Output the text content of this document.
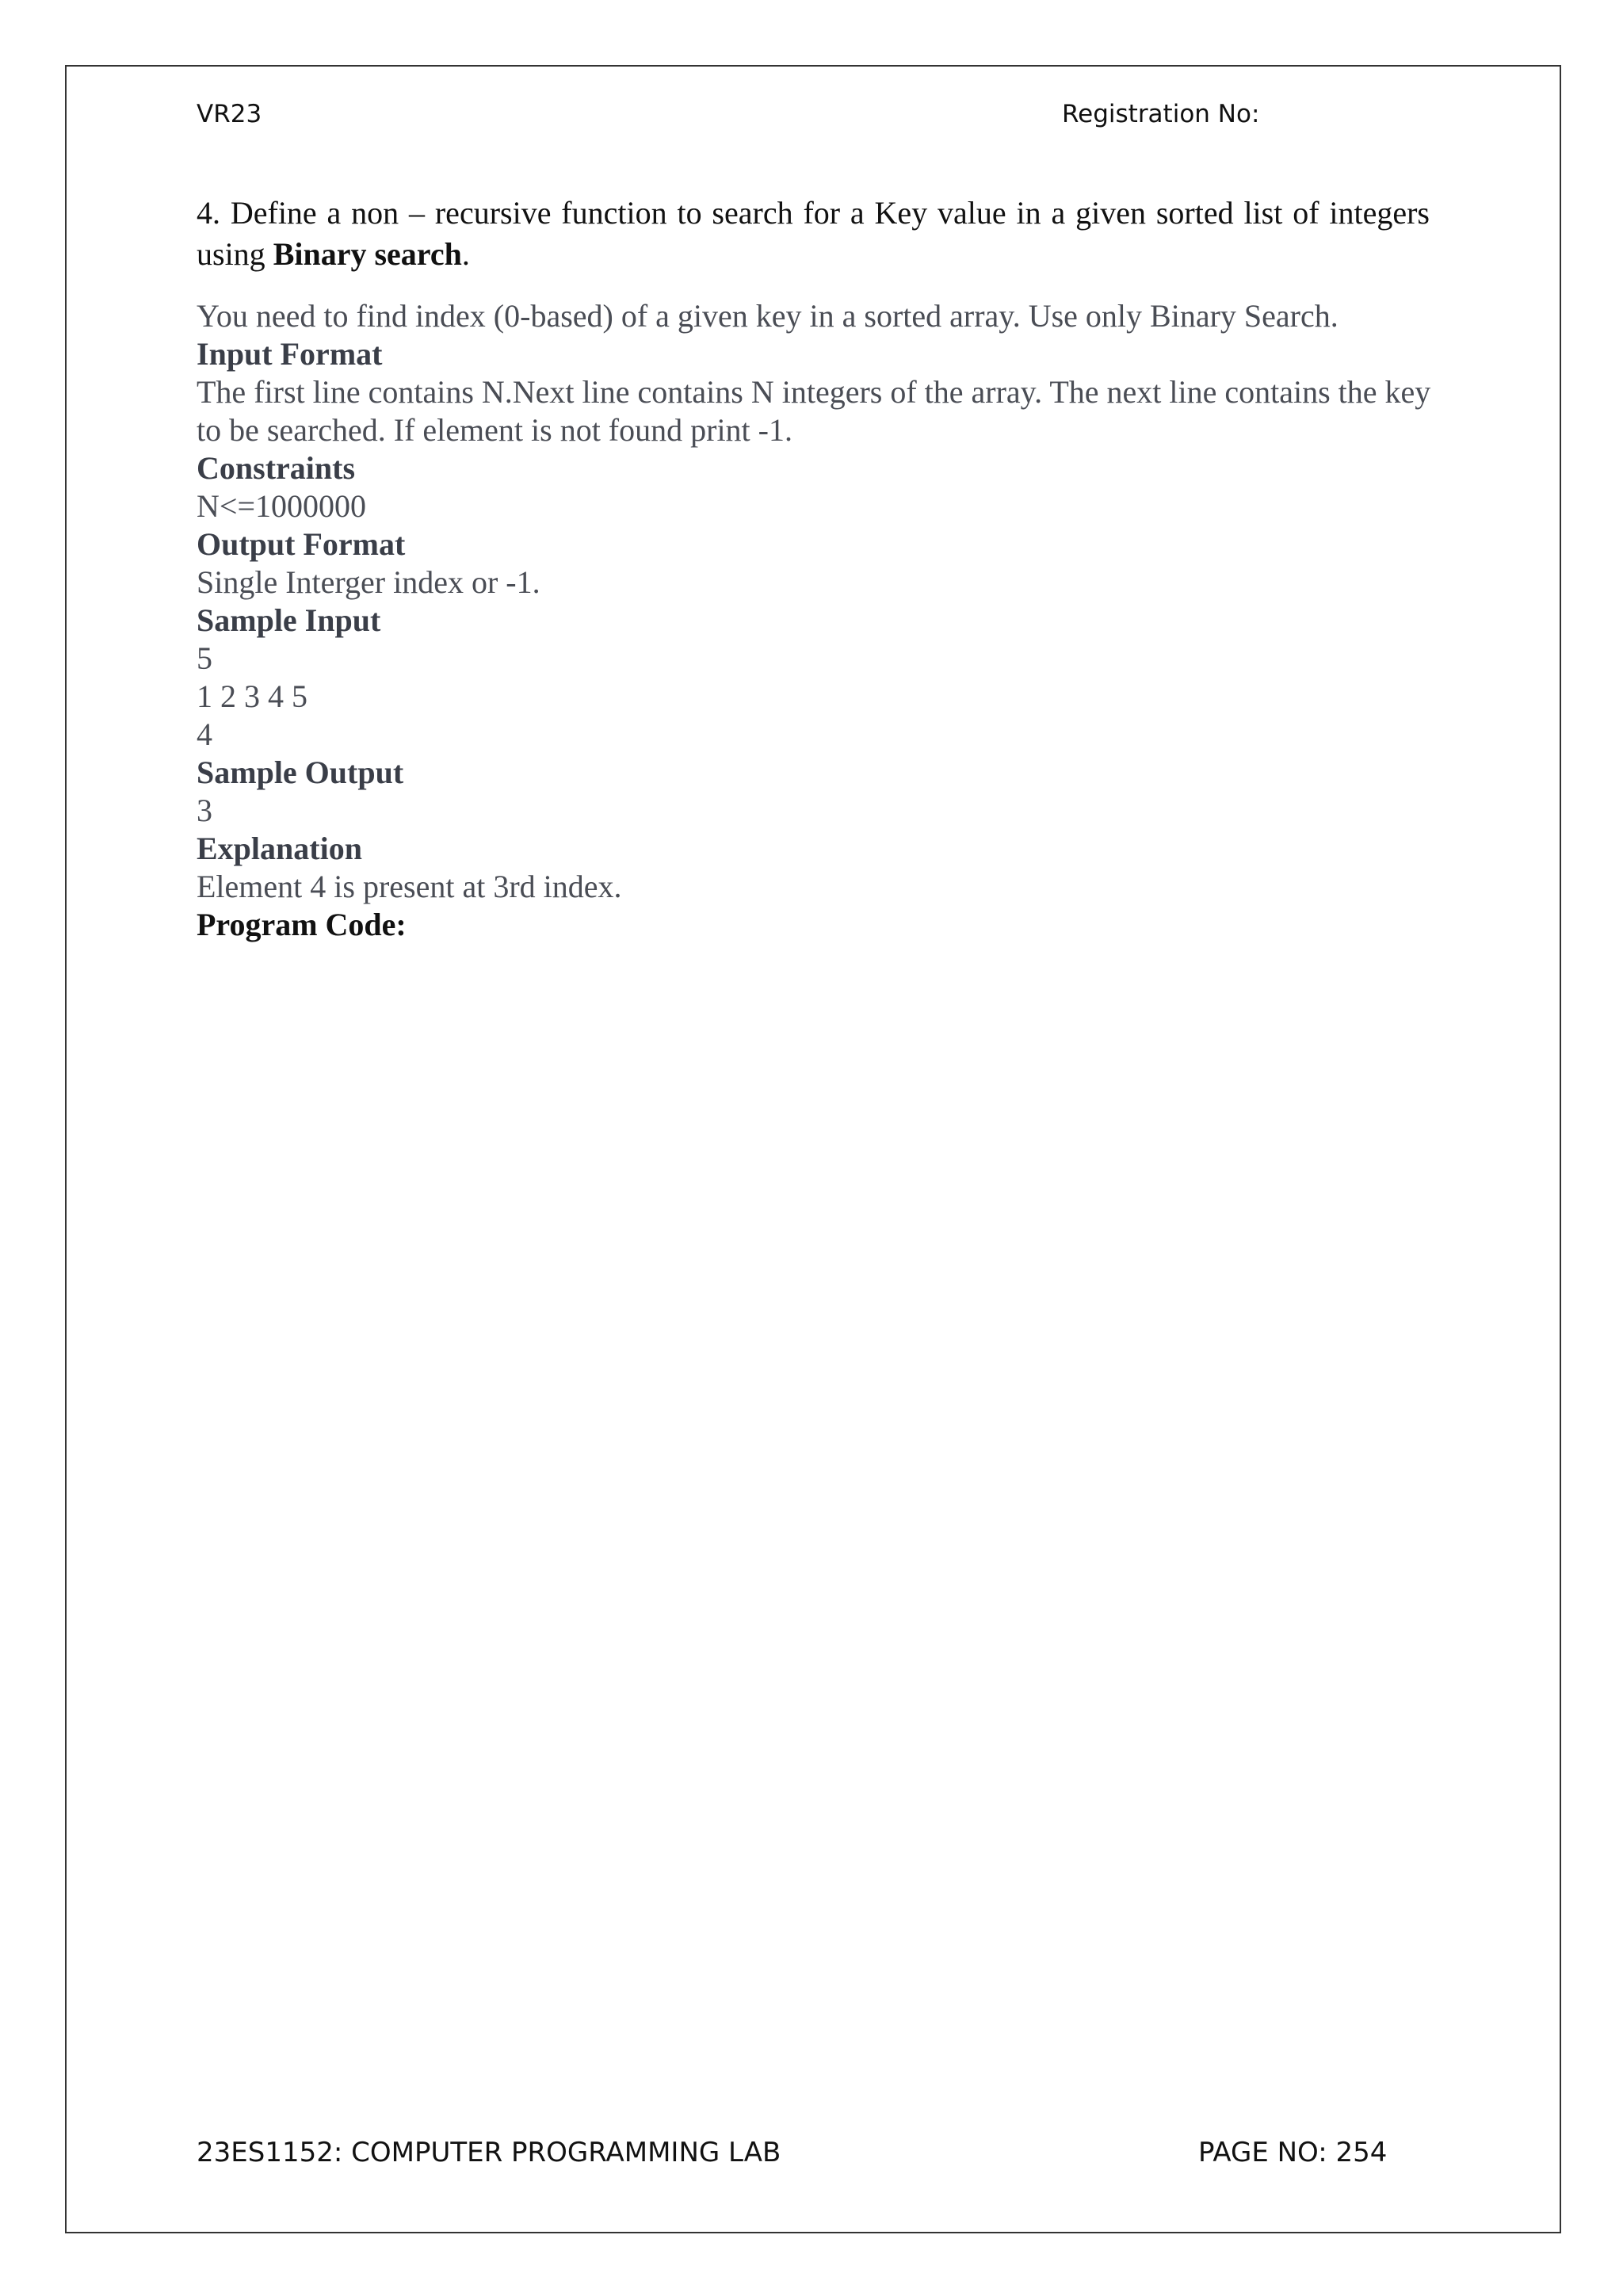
VR23	Registration No:

4. Define a non – recursive function to search for a Key value in a given sorted list of integers using Binary search.

You need to find index (0-based) of a given key in a sorted array. Use only Binary Search.
Input Format
The first line contains N.Next line contains N integers of the array. The next line contains the key to be searched. If element is not found print -1.
Constraints
N<=1000000
Output Format
Single Interger index or -1.
Sample Input
5
1 2 3 4 5
4
Sample Output
3
Explanation
Element 4 is present at 3rd index.
Program Code:
23ES1152: COMPUTER PROGRAMMING LAB	PAGE NO: 254
